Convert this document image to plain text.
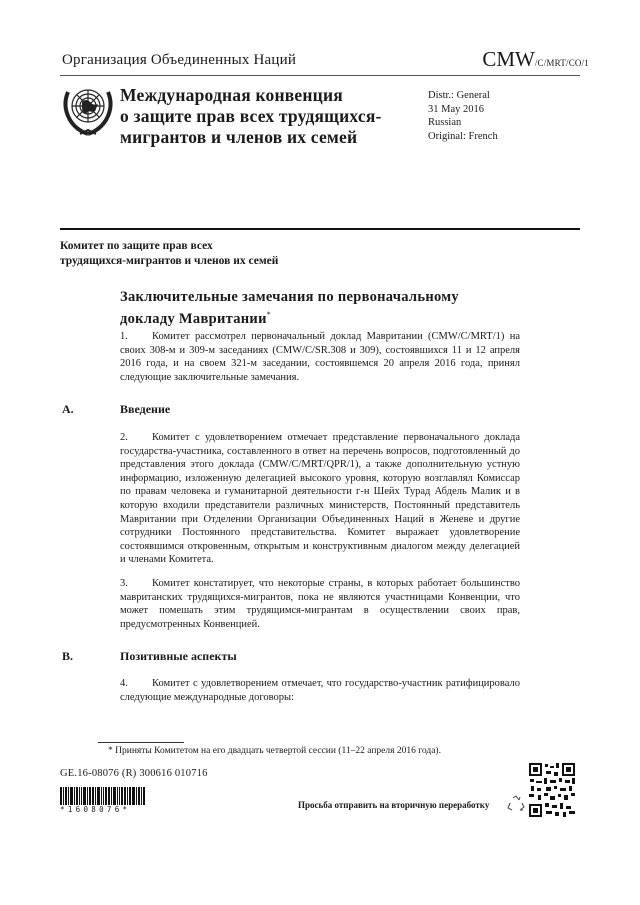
Организация Объединенных Наций	CMW/C/MRT/CO/1
Международная конвенция
о защите прав всех трудящихся-
мигрантов и членов их семей
Distr.: General
31 May 2016
Russian
Original: French
Комитет по защите прав всех
трудящихся-мигрантов и членов их семей
Заключительные замечания по первоначальному
докладу Мавритании*
1. Комитет рассмотрел первоначальный доклад Мавритании (CMW/C/MRT/1) на своих 308-м и 309-м заседаниях (CMW/C/SR.308 и 309), состоявшихся 11 и 12 апреля 2016 года, и на своем 321-м заседании, состоявшемся 20 апреля 2016 года, принял следующие заключительные замечания.
A.	Введение
2. Комитет с удовлетворением отмечает представление первоначального доклада государства-участника, составленного в ответ на перечень вопросов, подготовленный до представления этого доклада (CMW/C/MRT/QPR/1), а также дополнительную устную информацию, изложенную делегацией высокого уровня, которую возглавлял Комиссар по правам человека и гуманитарной деятельности г-н Шейх Турад Абдель Малик и в которую входили представители различных министерств, Постоянный представитель Мавритании при Отделении Организации Объединенных Наций в Женеве и другие сотрудники Постоянного представительства. Комитет выражает удовлетворение состоявшимся откровенным, открытым и конструктивным диалогом между делегацией и членами Комитета.
3. Комитет констатирует, что некоторые страны, в которых работает большинство мавританских трудящихся-мигрантов, пока не являются участницами Конвенции, что может помешать этим трудящимся-мигрантам в осуществлении своих прав, предусмотренных Конвенцией.
B.	Позитивные аспекты
4. Комитет с удовлетворением отмечает, что государство-участник ратифицировало следующие международные договоры:
* Приняты Комитетом на его двадцать четвертой сессии (11–22 апреля 2016 года).
GE.16-08076 (R) 300616 010716
*1608076*	Просьба отправить на вторичную переработку
